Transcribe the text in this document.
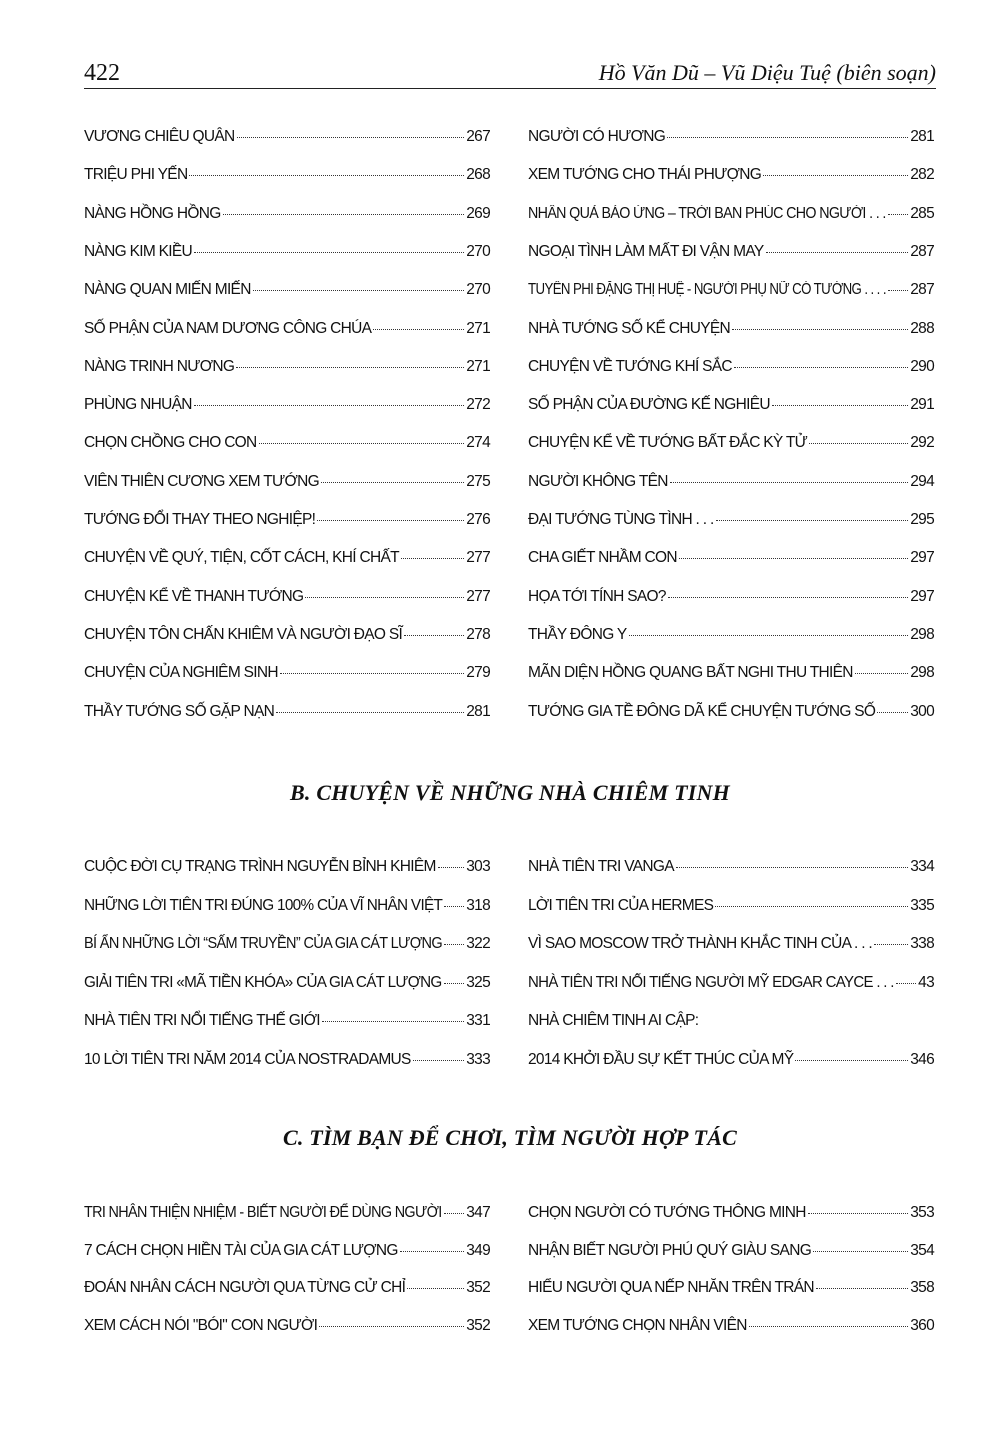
422	Hồ Văn Dũ – Vũ Diệu Tuệ (biên soạn)
VƯƠNG CHIÊU QUÂN	267
TRIỆU PHI YẾN	268
NÀNG HỒNG HỒNG	269
NÀNG KIM KIỀU	270
NÀNG QUAN MIẾN MIẾN	270
SỐ PHẬN CỦA NAM DƯƠNG CÔNG CHÚA	271
NÀNG TRINH NƯƠNG	271
PHÙNG NHUẬN	272
CHỌN CHỒNG CHO CON	274
VIÊN THIÊN CƯƠNG XEM TƯỚNG	275
TƯỚNG ĐỔI THAY THEO NGHIỆP!	276
CHUYỆN VỀ QUÝ, TIỆN, CỐT CÁCH, KHÍ CHẤT	277
CHUYỆN KỂ VỀ THANH TƯỚNG	277
CHUYỆN TÔN CHẤN KHIÊM VÀ NGƯỜI ĐẠO SĨ	278
CHUYỆN CỦA NGHIÊM SINH	279
THẦY TƯỚNG SỐ GẶP NẠN	281
NGƯỜI CÓ HƯƠNG	281
XEM TƯỚNG CHO THÁI PHƯỢNG	282
NHÂN QUẢ BÁO ỨNG – TRỜI BAN PHÚC CHO NGƯỜI . . . 285
NGOẠI TÌNH LÀM MẤT ĐI VẬN MAY	287
TUYÊN PHI ĐẶNG THỊ HUỆ - NGƯỜI PHỤ NỮ CÓ TƯỚNG . . . . 287
NHÀ TƯỚNG SỐ KỂ CHUYỆN	288
CHUYỆN VỀ TƯỚNG KHÍ SẮC	290
SỐ PHẬN CỦA ĐƯỜNG KẾ NGHIÊU	291
CHUYỆN KỂ VỀ TƯỚNG BẤT ĐẮC KỲ TỬ	292
NGƯỜI KHÔNG TÊN	294
ĐẠI TƯỚNG TÙNG TÌNH . . .	295
CHA GIẾT NHẦM CON	297
HỌA TỚI TÍNH SAO?	297
THẦY ĐÔNG Y	298
MÃN DIỆN HỒNG QUANG BẤT NGHI THU THIÊN	298
TƯỚNG GIA TỀ ĐÔNG DÃ KỂ CHUYỆN TƯỚNG SỐ 300
B. CHUYỆN VỀ NHỮNG NHÀ CHIÊM TINH
CUỘC ĐỜI CỤ TRẠNG TRÌNH NGUYỄN BỈNH KHIÊM 303
NHỮNG LỜI TIÊN TRI ĐÚNG 100% CỦA VĨ NHÂN VIỆT 318
BÍ ẨN NHỮNG LỜI “SẤM TRUYỀN” CỦA GIA CÁT LƯỢNG 322
GIẢI TIÊN TRI «MÃ TIỀN KHÓA» CỦA GIA CÁT LƯỢNG 325
NHÀ TIÊN TRI NỔI TIẾNG THẾ GIỚI	331
10 LỜI TIÊN TRI NĂM 2014 CỦA NOSTRADAMUS	333
NHÀ TIÊN TRI VANGA	334
LỜI TIÊN TRI CỦA HERMES	335
VÌ SAO MOSCOW TRỞ THÀNH KHẮC TINH CỦA . . . 338
NHÀ TIÊN TRI NỔI TIẾNG NGƯỜI MỸ EDGAR CAYCE . . . 43
NHÀ CHIÊM TINH AI CẬP:
2014 KHỞI ĐẦU SỰ KẾT THÚC CỦA MỸ	346
C. TÌM BẠN ĐỂ CHƠI, TÌM NGƯỜI HỢP TÁC
TRI NHÂN THIỆN NHIỆM - BIẾT NGƯỜI ĐỂ DÙNG NGƯỜI 347
7 CÁCH CHỌN HIỀN TÀI CỦA GIA CÁT LƯỢNG	349
ĐOÁN NHÂN CÁCH NGƯỜI QUA TỪNG CỬ CHỈ	352
XEM CÁCH NÓI "BÓI" CON NGƯỜI	352
CHỌN NGƯỜI CÓ TƯỚNG THÔNG MINH	353
NHẬN BIẾT NGƯỜI PHÚ QUÝ GIÀU SANG	354
HIỂU NGƯỜI QUA NẾP NHĂN TRÊN TRÁN	358
XEM TƯỚNG CHỌN NHÂN VIÊN	360
